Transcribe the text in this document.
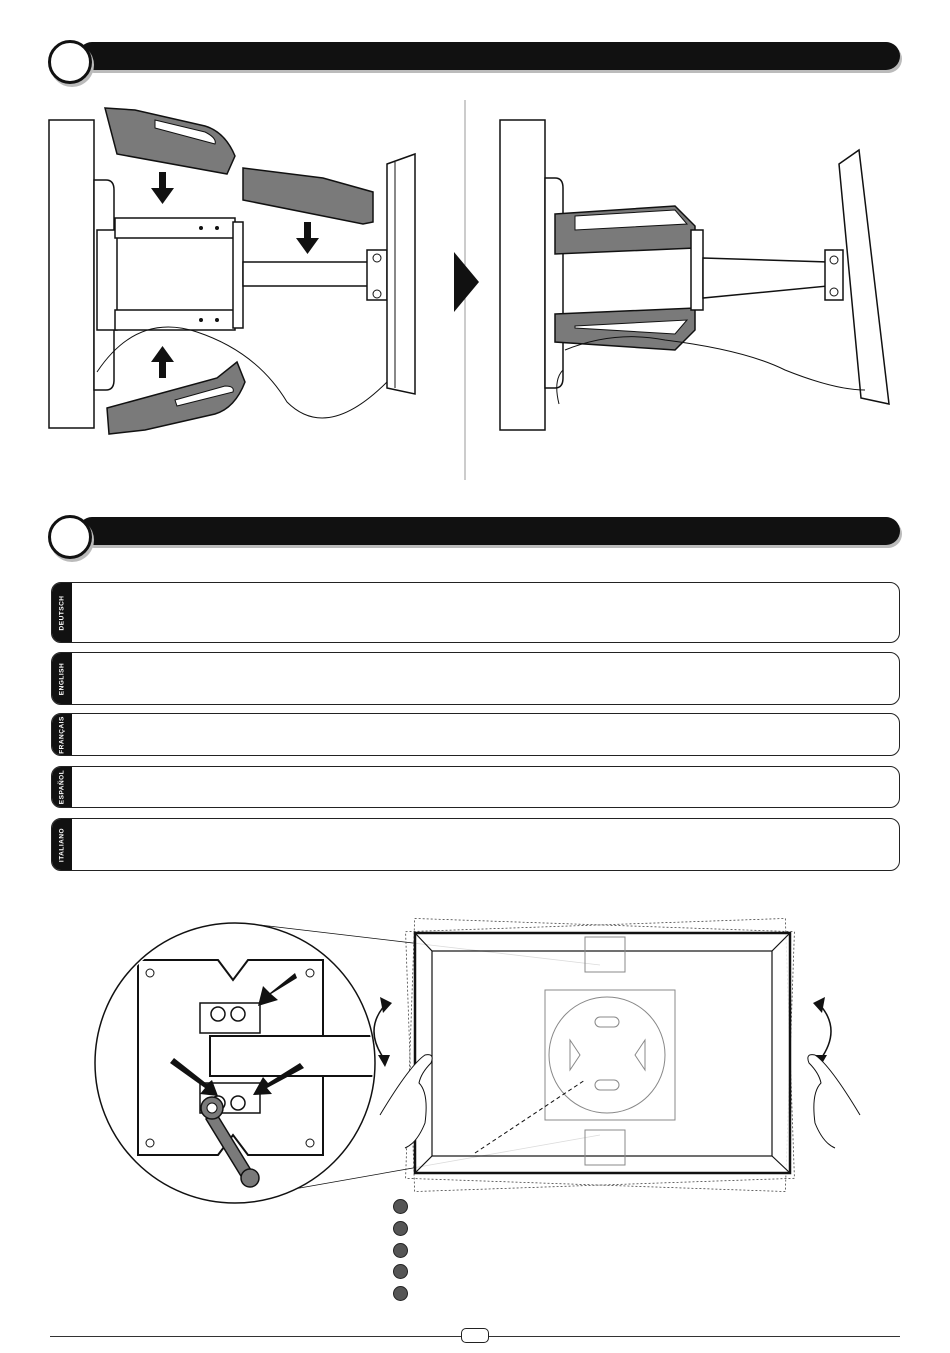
DEUTSCH
ENGLISH
FRANÇAIS
ESPAÑOL
ITALIANO
